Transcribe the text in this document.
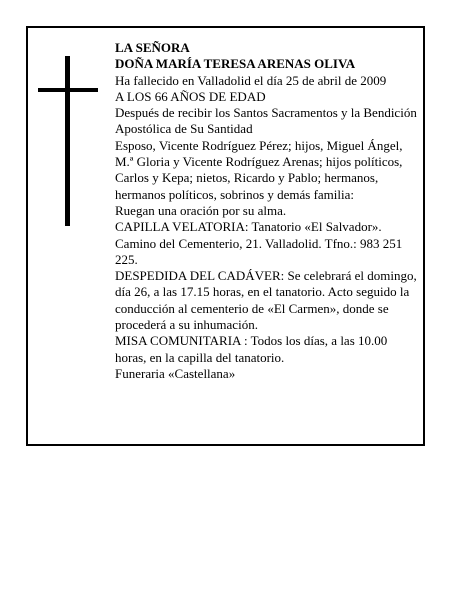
LA SEÑORA

DOÑA MARÍA TERESA ARENAS OLIVA

Ha fallecido en Valladolid el día 25 de abril de 2009

A LOS 66 AÑOS DE EDAD

Después de recibir los Santos Sacramentos y la Bendición Apostólica de Su Santidad

Esposo, Vicente Rodríguez Pérez; hijos, Miguel Ángel, M.ª Gloria y Vicente Rodríguez Arenas; hijos políticos, Carlos y Kepa; nietos, Ricardo y Pablo; hermanos, hermanos políticos, sobrinos y demás familia:

Ruegan una oración por su alma.

CAPILLA VELATORIA: Tanatorio «El Salvador». Camino del Cementerio, 21. Valladolid. Tfno.: 983 251 225.

DESPEDIDA DEL CADÁVER: Se celebrará el domingo, día 26, a las 17.15 horas, en el tanatorio. Acto seguido la conducción al cementerio de «El Carmen», donde se procederá a su inhumación.

MISA COMUNITARIA : Todos los días, a las 10.00 horas, en la capilla del tanatorio.

Funeraria «Castellana»
